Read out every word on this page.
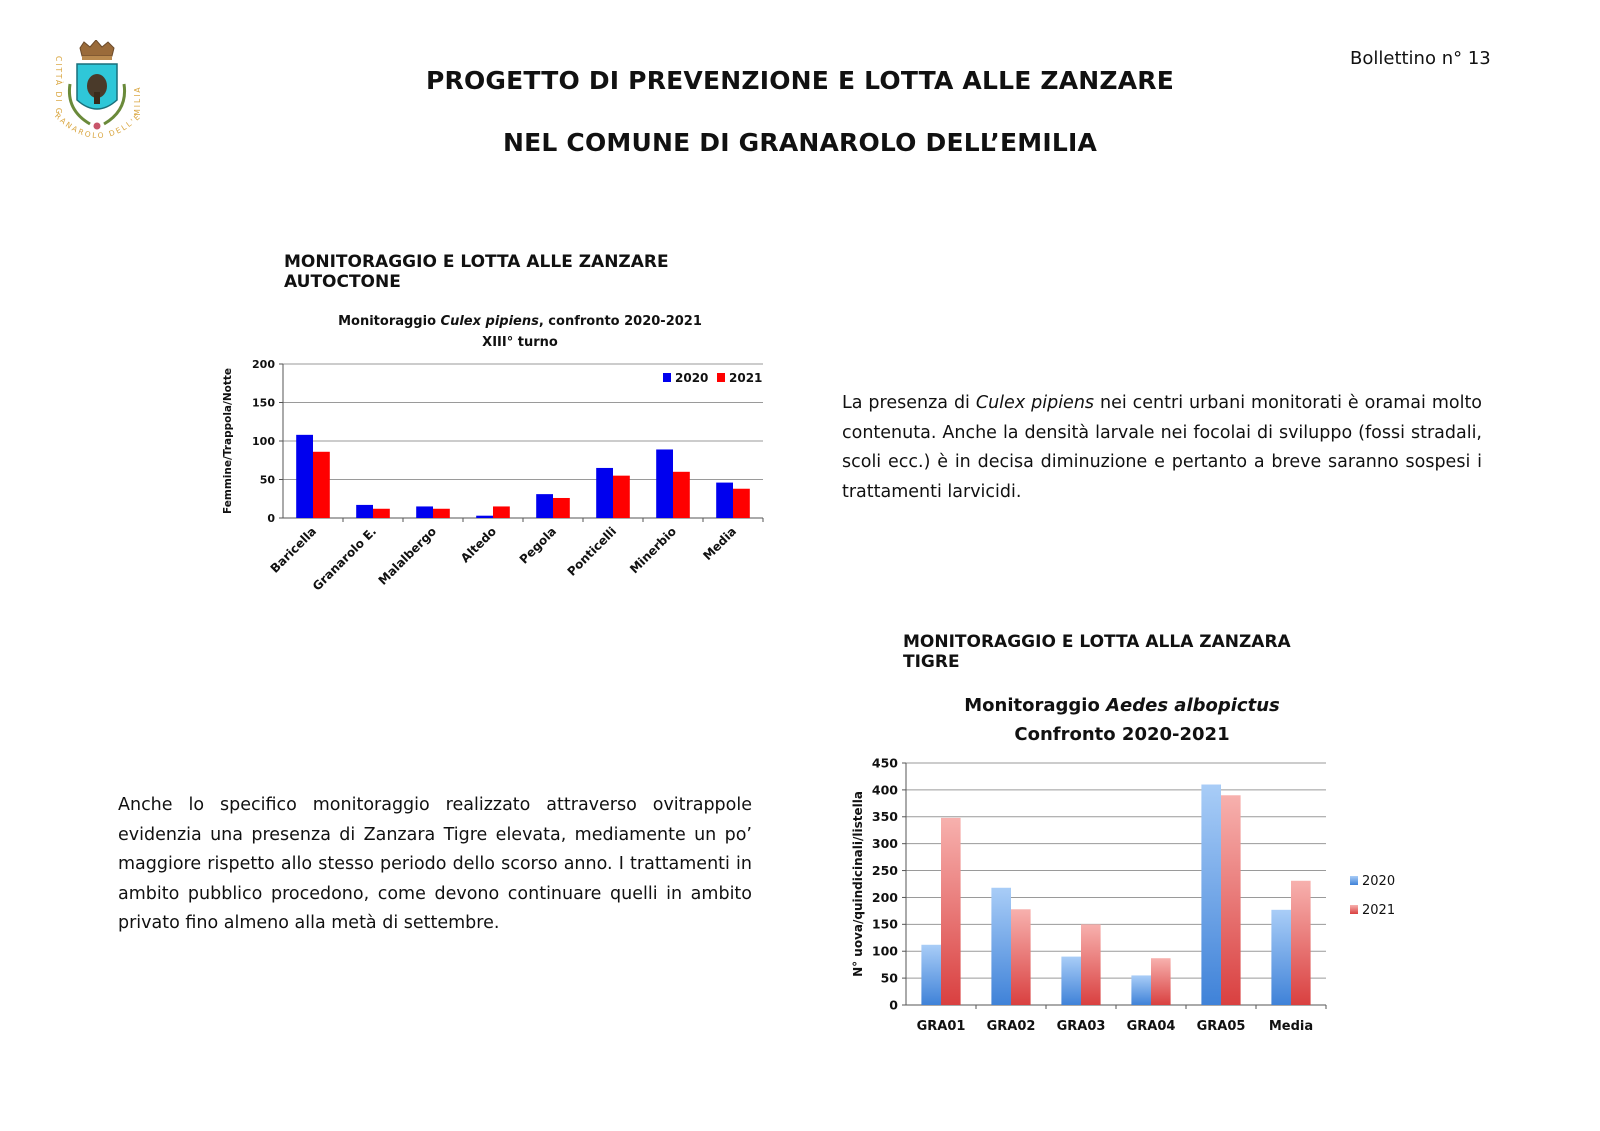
CITTÀ DI GRANAROLO DELL'EMILIA
Bollettino n° 13
PROGETTO DI PREVENZIONE E LOTTA ALLE ZANZARE
NEL COMUNE DI GRANAROLO DELL’EMILIA
MONITORAGGIO E LOTTA ALLE ZANZARE AUTOCTONE
Monitoraggio Culex pipiens, confronto 2020-2021
XIII° turno
0
50
100
150
200
Femmine/Trappola/Notte
Baricella
Granarolo E.
Malalbergo Altedo Pegola Ponticelli Minerbio Media
2020 2021
La presenza di Culex pipiens nei centri urbani monitorati è oramai molto contenuta. Anche la densità larvale nei focolai di sviluppo (fossi stradali, scoli ecc.) è in decisa diminuzione e pertanto a breve saranno sospesi i trattamenti larvicidi.
MONITORAGGIO E LOTTA ALLA ZANZARA TIGRE
Monitoraggio Aedes albopictus
Confronto 2020-2021
0
50
100
150
200
250
300
350
400
450
N° uova/quindicinali/listella
GRA01 GRA02 GRA03 GRA04 GRA05 Media
2020
2021
Anche lo specifico monitoraggio realizzato attraverso ovitrappole evidenzia una presenza di Zanzara Tigre elevata, mediamente un po’ maggiore rispetto allo stesso periodo dello scorso anno. I trattamenti in ambito pubblico procedono, come devono continuare quelli in ambito privato fino almeno alla metà di settembre.
